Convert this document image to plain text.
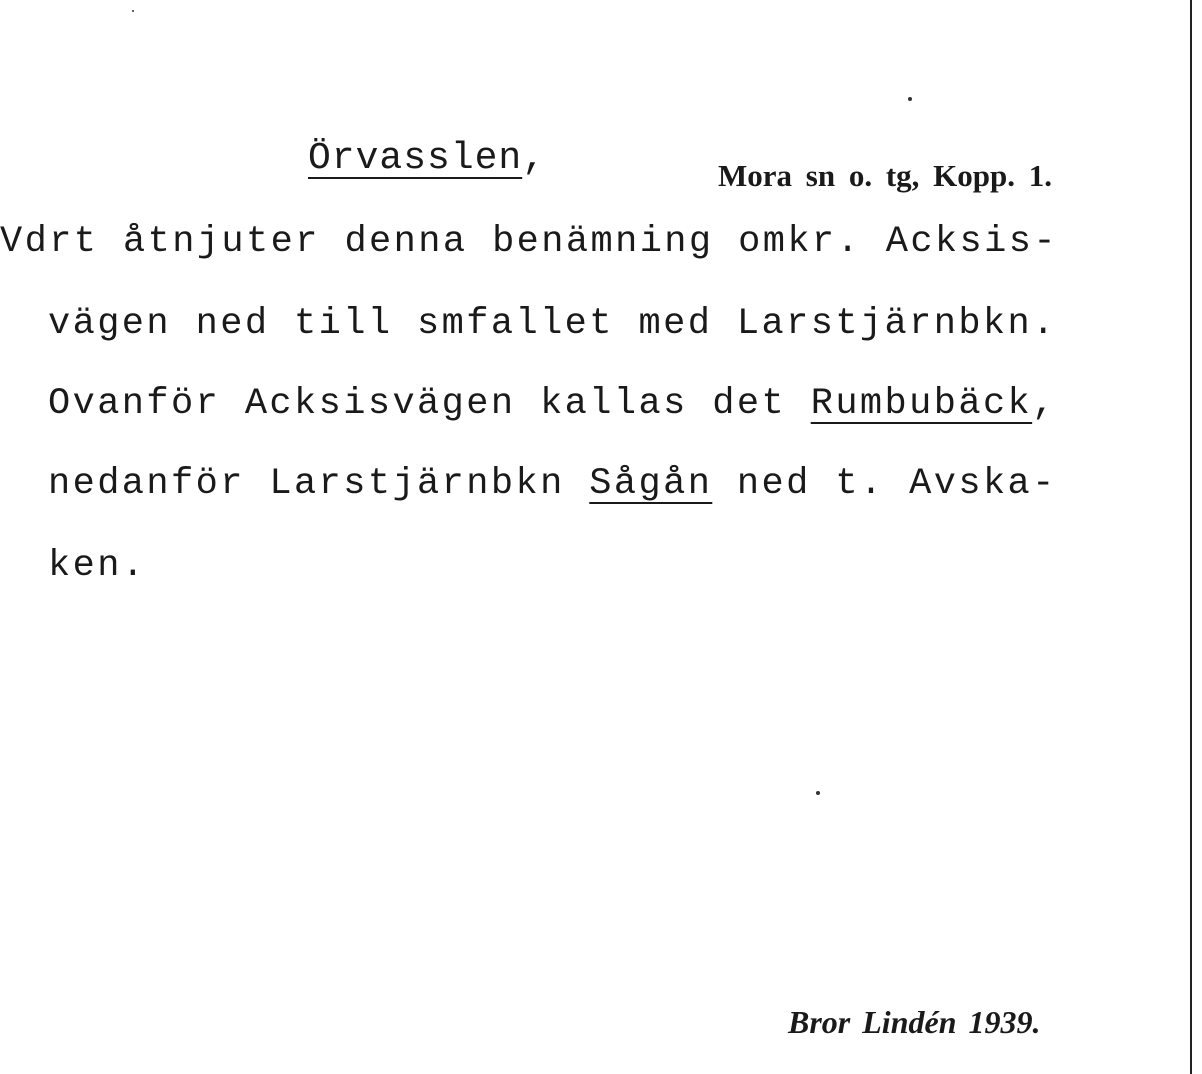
Örvasslen,	Mora sn o. tg, Kopp. 1.
Vdrt åtnjuter denna benämning omkr. Acksis-
vägen ned till smfallet med Larstjärnbkn.
Ovanför Acksisvägen kallas det Rumbubäck,
nedanför Larstjärnbkn Sågån ned t. Avska-
ken.
Bror Lindén 1939.
